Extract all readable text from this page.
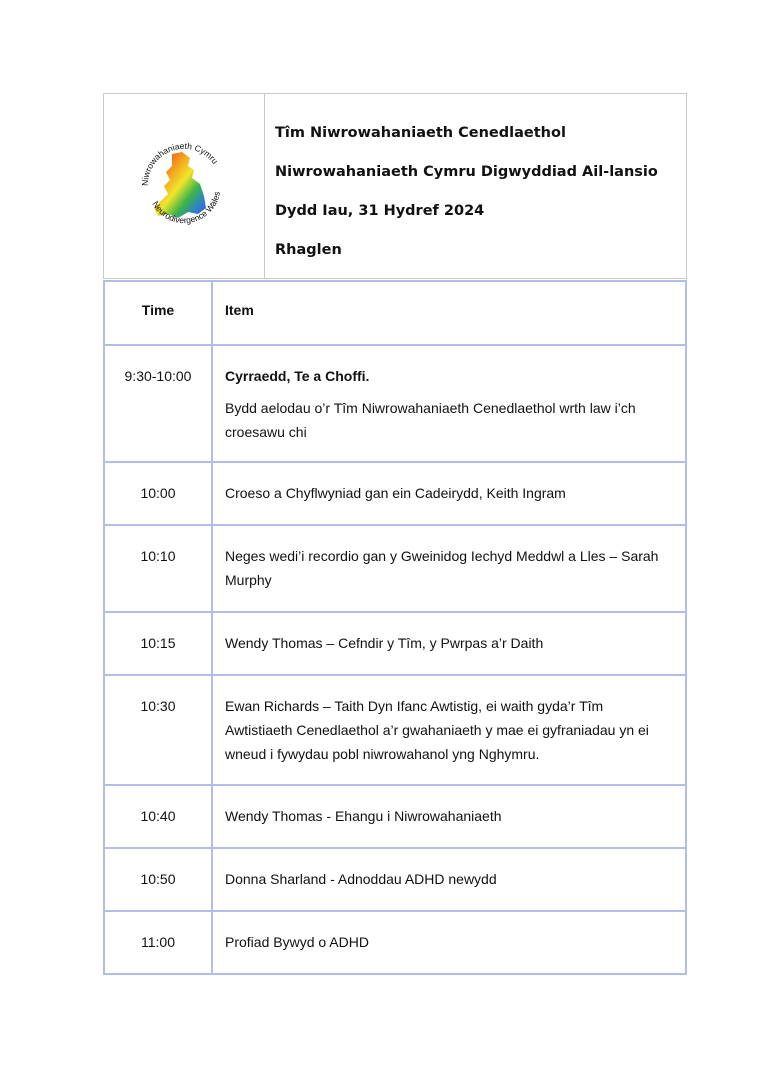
Niwrowahaniaeth Cymru
Neurodivergence Wales
Tîm Niwrowahaniaeth Cenedlaethol
Niwrowahaniaeth Cymru Digwyddiad Ail-lansio
Dydd Iau, 31 Hydref 2024
Rhaglen
Time	Item
9:30-10:00	Cyrraedd, Te a Choffi.
Bydd aelodau o’r Tîm Niwrowahaniaeth Cenedlaethol wrth law i’ch croesawu chi

10:00	Croeso a Chyflwyniad gan ein Cadeirydd, Keith Ingram
10:10	Neges wedi’i recordio gan y Gweinidog Iechyd Meddwl a Lles – Sarah Murphy
10:15	Wendy Thomas – Cefndir y Tîm, y Pwrpas a’r Daith
10:30	Ewan Richards – Taith Dyn Ifanc Awtistig, ei waith gyda’r Tîm Awtistiaeth Cenedlaethol a’r gwahaniaeth y mae ei gyfraniadau yn ei wneud i fywydau pobl niwrowahanol yng Nghymru.
10:40	Wendy Thomas - Ehangu i Niwrowahaniaeth
10:50	Donna Sharland - Adnoddau ADHD newydd
11:00	Profiad Bywyd o ADHD
